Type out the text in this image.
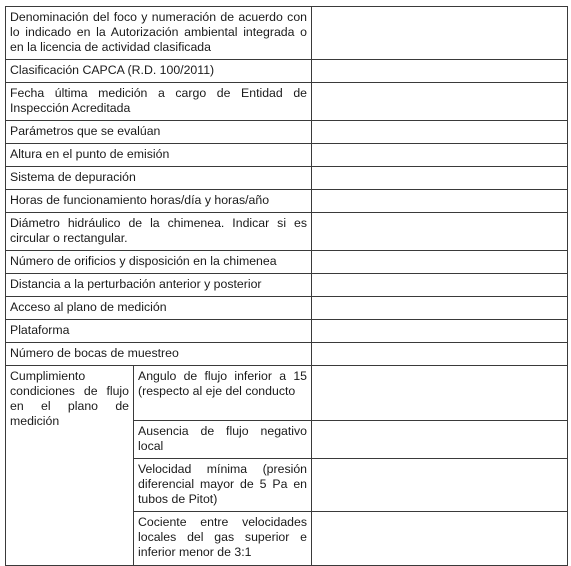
Denominación del foco y numeración de acuerdo con lo indicado en la Autorización ambiental integrada o en la licencia de actividad clasificada		
Clasificación CAPCA (R.D. 100/2011)		
Fecha última medición a cargo de Entidad de Inspección Acreditada		
Parámetros que se evalúan		
Altura en el punto de emisión		
Sistema de depuración		
Horas de funcionamiento horas/día y horas/año		
Diámetro hidráulico de la chimenea. Indicar si es circular o rectangular.		
Número de orificios y disposición en la chimenea		
Distancia a la perturbación anterior y posterior		
Acceso al plano de medición		
Plataforma		
Número de bocas de muestreo		
Cumplimiento condiciones de flujo en el plano de medición	Angulo de flujo inferior a 15 (respecto al eje del conducto	
	Ausencia de flujo negativo local	
	Velocidad mínima (presión diferencial mayor de 5 Pa en tubos de Pitot)	
	Cociente entre velocidades locales del gas superior e inferior menor de 3:1	
